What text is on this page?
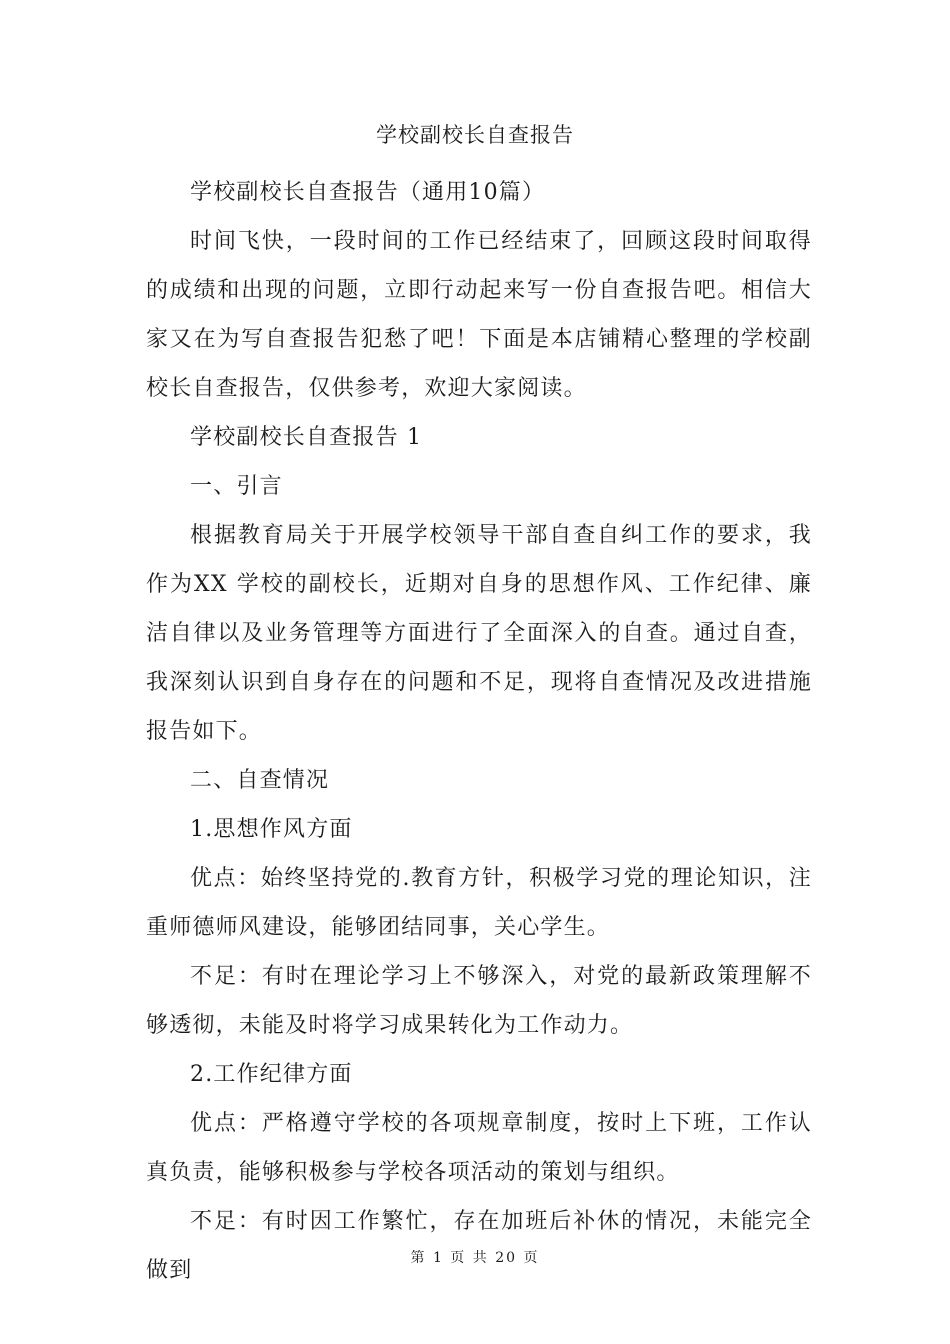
学校副校长自查报告

学校副校长自查报告（通用10篇）

时间飞快，一段时间的工作已经结束了，回顾这段时间取得的成绩和出现的问题，立即行动起来写一份自查报告吧。相信大家又在为写自查报告犯愁了吧！下面是本店铺精心整理的学校副校长自查报告，仅供参考，欢迎大家阅读。

学校副校长自查报告 1

一、引言

根据教育局关于开展学校领导干部自查自纠工作的要求，我作为XX 学校的副校长，近期对自身的思想作风、工作纪律、廉洁自律以及业务管理等方面进行了全面深入的自查。通过自查，我深刻认识到自身存在的问题和不足，现将自查情况及改进措施报告如下。

二、自查情况

1.思想作风方面

优点：始终坚持党的.教育方针，积极学习党的理论知识，注重师德师风建设，能够团结同事，关心学生。

不足：有时在理论学习上不够深入，对党的最新政策理解不够透彻，未能及时将学习成果转化为工作动力。

2.工作纪律方面

优点：严格遵守学校的各项规章制度，按时上下班，工作认真负责，能够积极参与学校各项活动的策划与组织。

不足：有时因工作繁忙，存在加班后补休的情况，未能完全做到	第 1 页 共 20 页
